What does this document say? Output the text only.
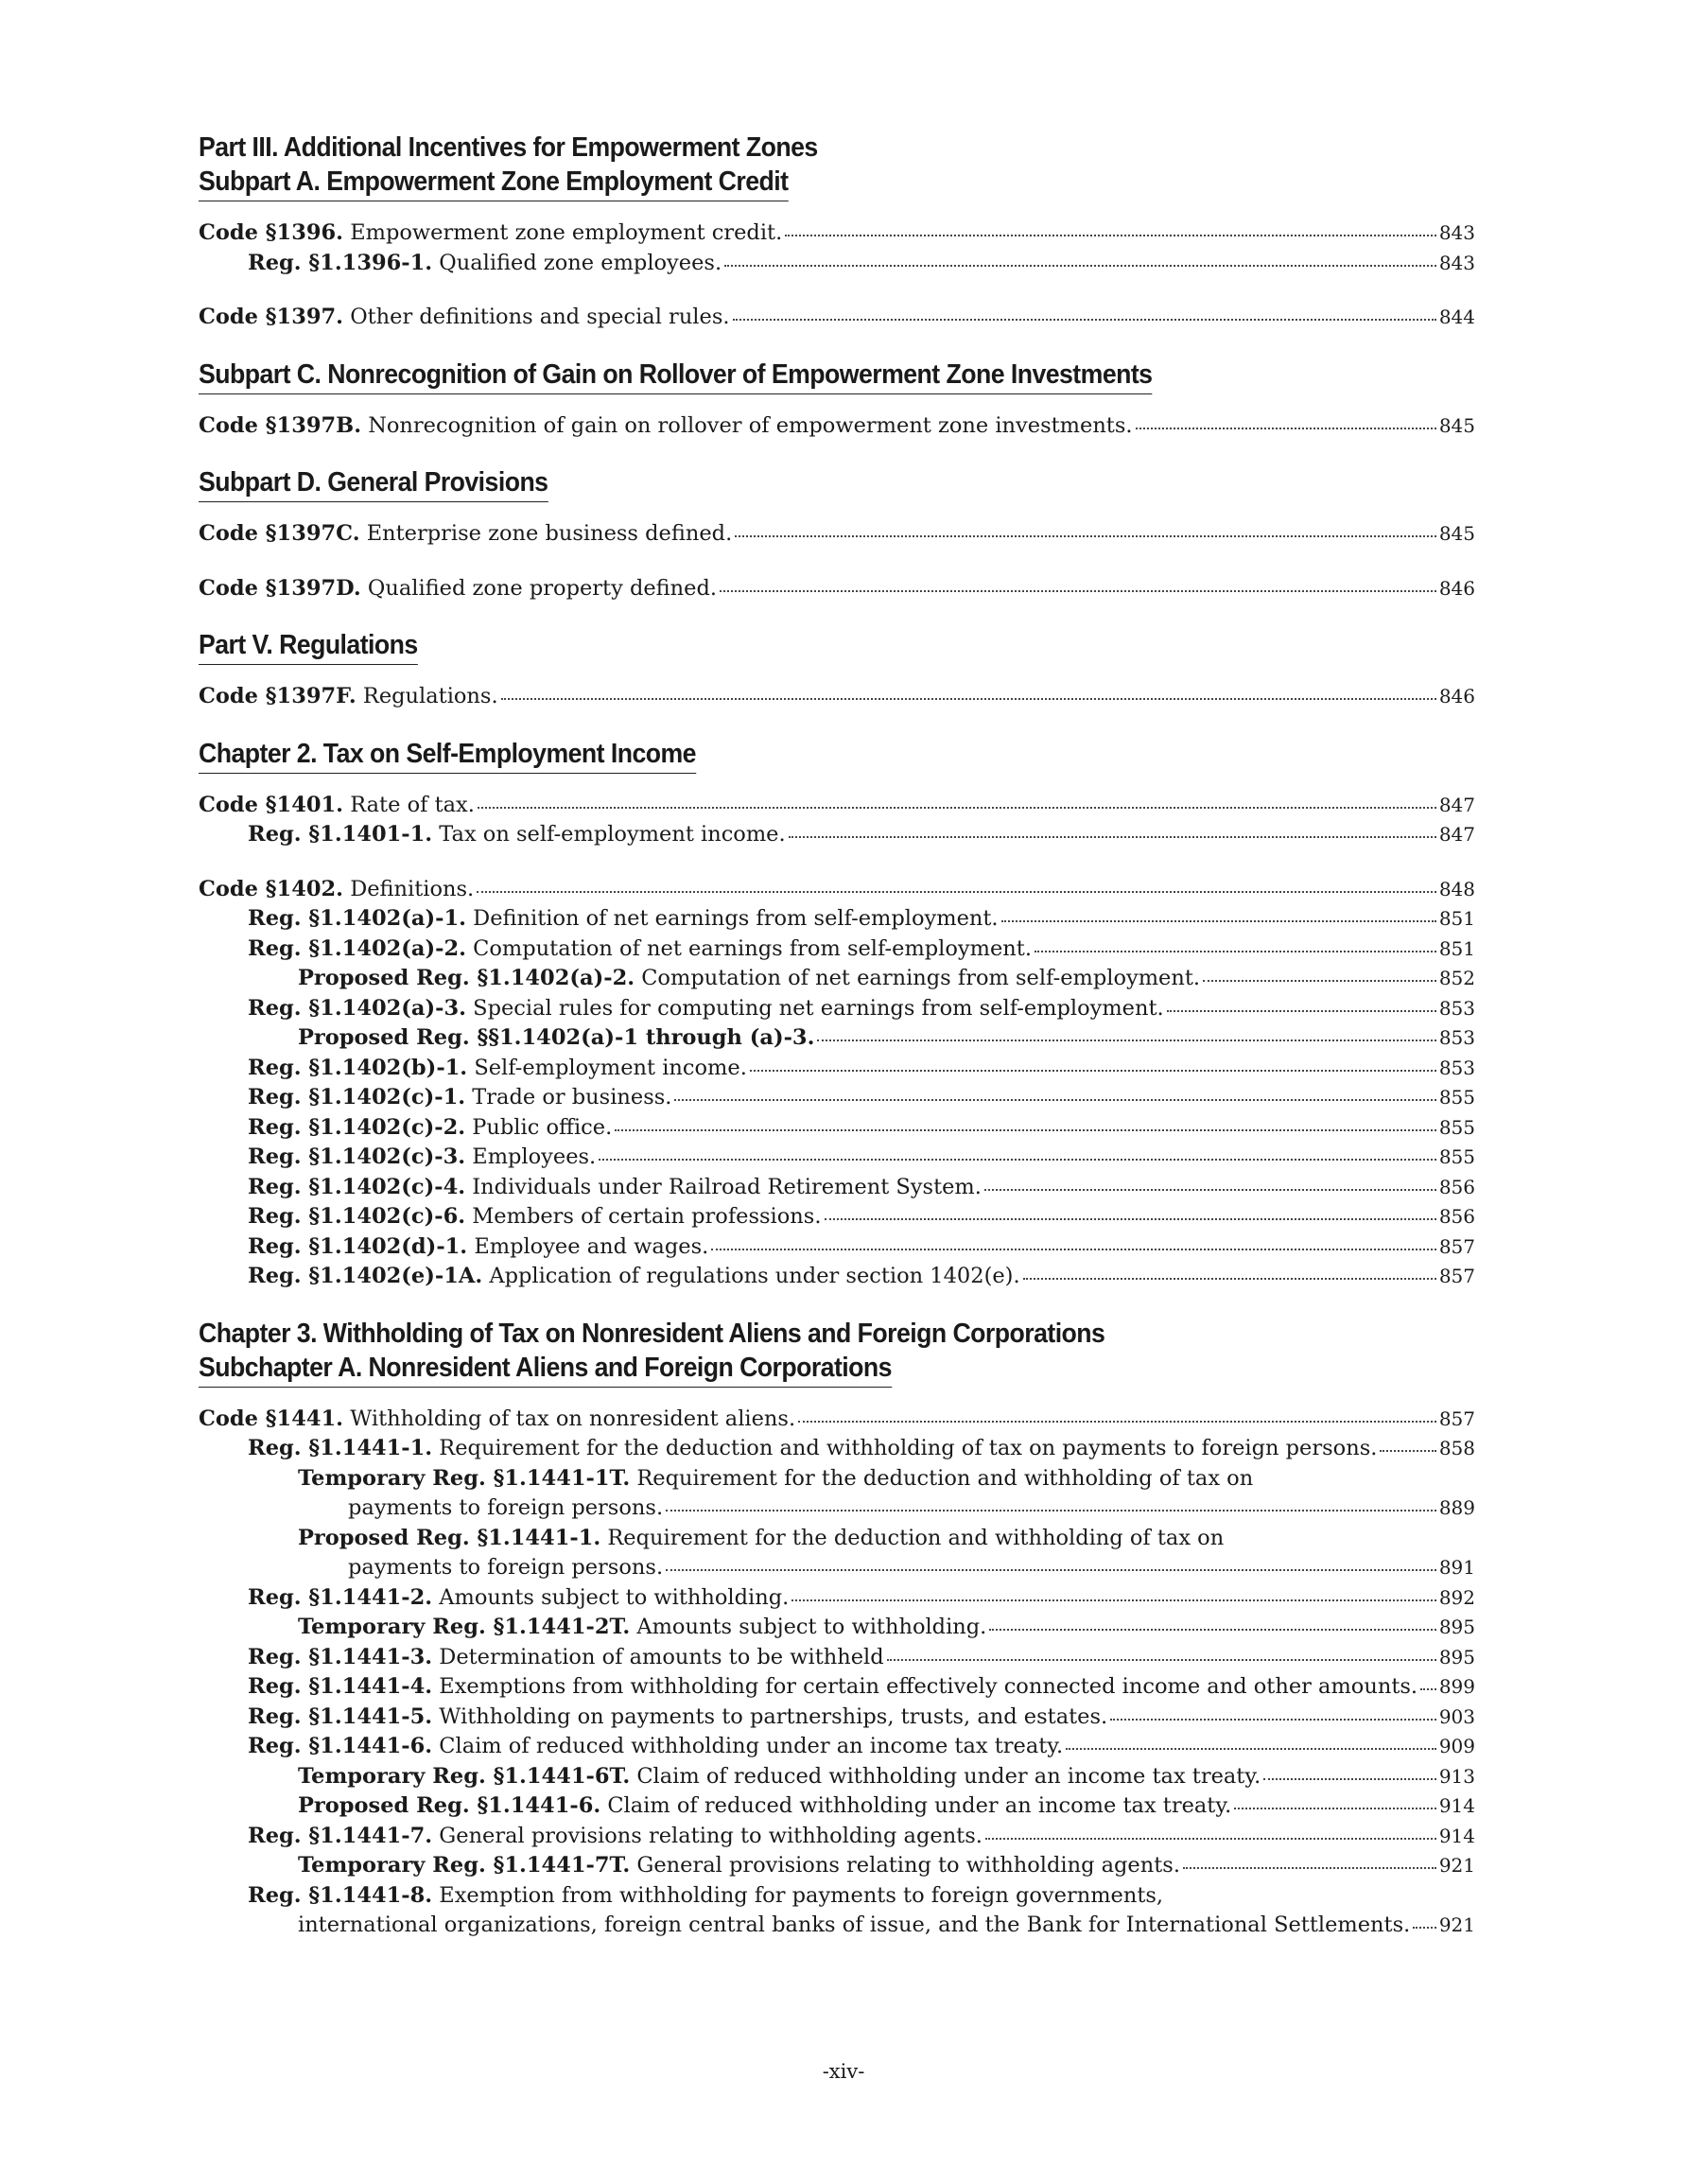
Part III. Additional Incentives for Empowerment Zones
Subpart A. Empowerment Zone Employment Credit
Code §1396. Empowerment zone employment credit.	843
Reg. §1.1396-1. Qualified zone employees.	843
Code §1397. Other definitions and special rules.	844
Subpart C. Nonrecognition of Gain on Rollover of Empowerment Zone Investments
Code §1397B. Nonrecognition of gain on rollover of empowerment zone investments.	845
Subpart D. General Provisions
Code §1397C. Enterprise zone business defined.	845
Code §1397D. Qualified zone property defined.	846
Part V. Regulations
Code §1397F. Regulations.	846
Chapter 2. Tax on Self-Employment Income
Code §1401. Rate of tax.	847
Reg. §1.1401-1. Tax on self-employment income.	847
Code §1402. Definitions.	848
Reg. §1.1402(a)-1. Definition of net earnings from self-employment.	851
Reg. §1.1402(a)-2. Computation of net earnings from self-employment.	851
Proposed Reg. §1.1402(a)-2. Computation of net earnings from self-employment.	852
Reg. §1.1402(a)-3. Special rules for computing net earnings from self-employment.	853
Proposed Reg. §§1.1402(a)-1 through (a)-3.	853
Reg. §1.1402(b)-1. Self-employment income.	853
Reg. §1.1402(c)-1. Trade or business.	855
Reg. §1.1402(c)-2. Public office.	855
Reg. §1.1402(c)-3. Employees.	855
Reg. §1.1402(c)-4. Individuals under Railroad Retirement System.	856
Reg. §1.1402(c)-6. Members of certain professions.	856
Reg. §1.1402(d)-1. Employee and wages.	857
Reg. §1.1402(e)-1A. Application of regulations under section 1402(e).	857
Chapter 3. Withholding of Tax on Nonresident Aliens and Foreign Corporations
Subchapter A. Nonresident Aliens and Foreign Corporations
Code §1441. Withholding of tax on nonresident aliens.	857
Reg. §1.1441-1. Requirement for the deduction and withholding of tax on payments to foreign persons.	858
Temporary Reg. §1.1441-1T. Requirement for the deduction and withholding of tax on
payments to foreign persons.	889
Proposed Reg. §1.1441-1. Requirement for the deduction and withholding of tax on
payments to foreign persons.	891
Reg. §1.1441-2. Amounts subject to withholding.	892
Temporary Reg. §1.1441-2T. Amounts subject to withholding.	895
Reg. §1.1441-3. Determination of amounts to be withheld	895
Reg. §1.1441-4. Exemptions from withholding for certain effectively connected income and other amounts. 899
Reg. §1.1441-5. Withholding on payments to partnerships, trusts, and estates.	903
Reg. §1.1441-6. Claim of reduced withholding under an income tax treaty.	909
Temporary Reg. §1.1441-6T. Claim of reduced withholding under an income tax treaty.	913
Proposed Reg. §1.1441-6. Claim of reduced withholding under an income tax treaty.	914
Reg. §1.1441-7. General provisions relating to withholding agents.	914
Temporary Reg. §1.1441-7T. General provisions relating to withholding agents.	921
Reg. §1.1441-8. Exemption from withholding for payments to foreign governments,
international organizations, foreign central banks of issue, and the Bank for International Settlements. 921
-xiv-
